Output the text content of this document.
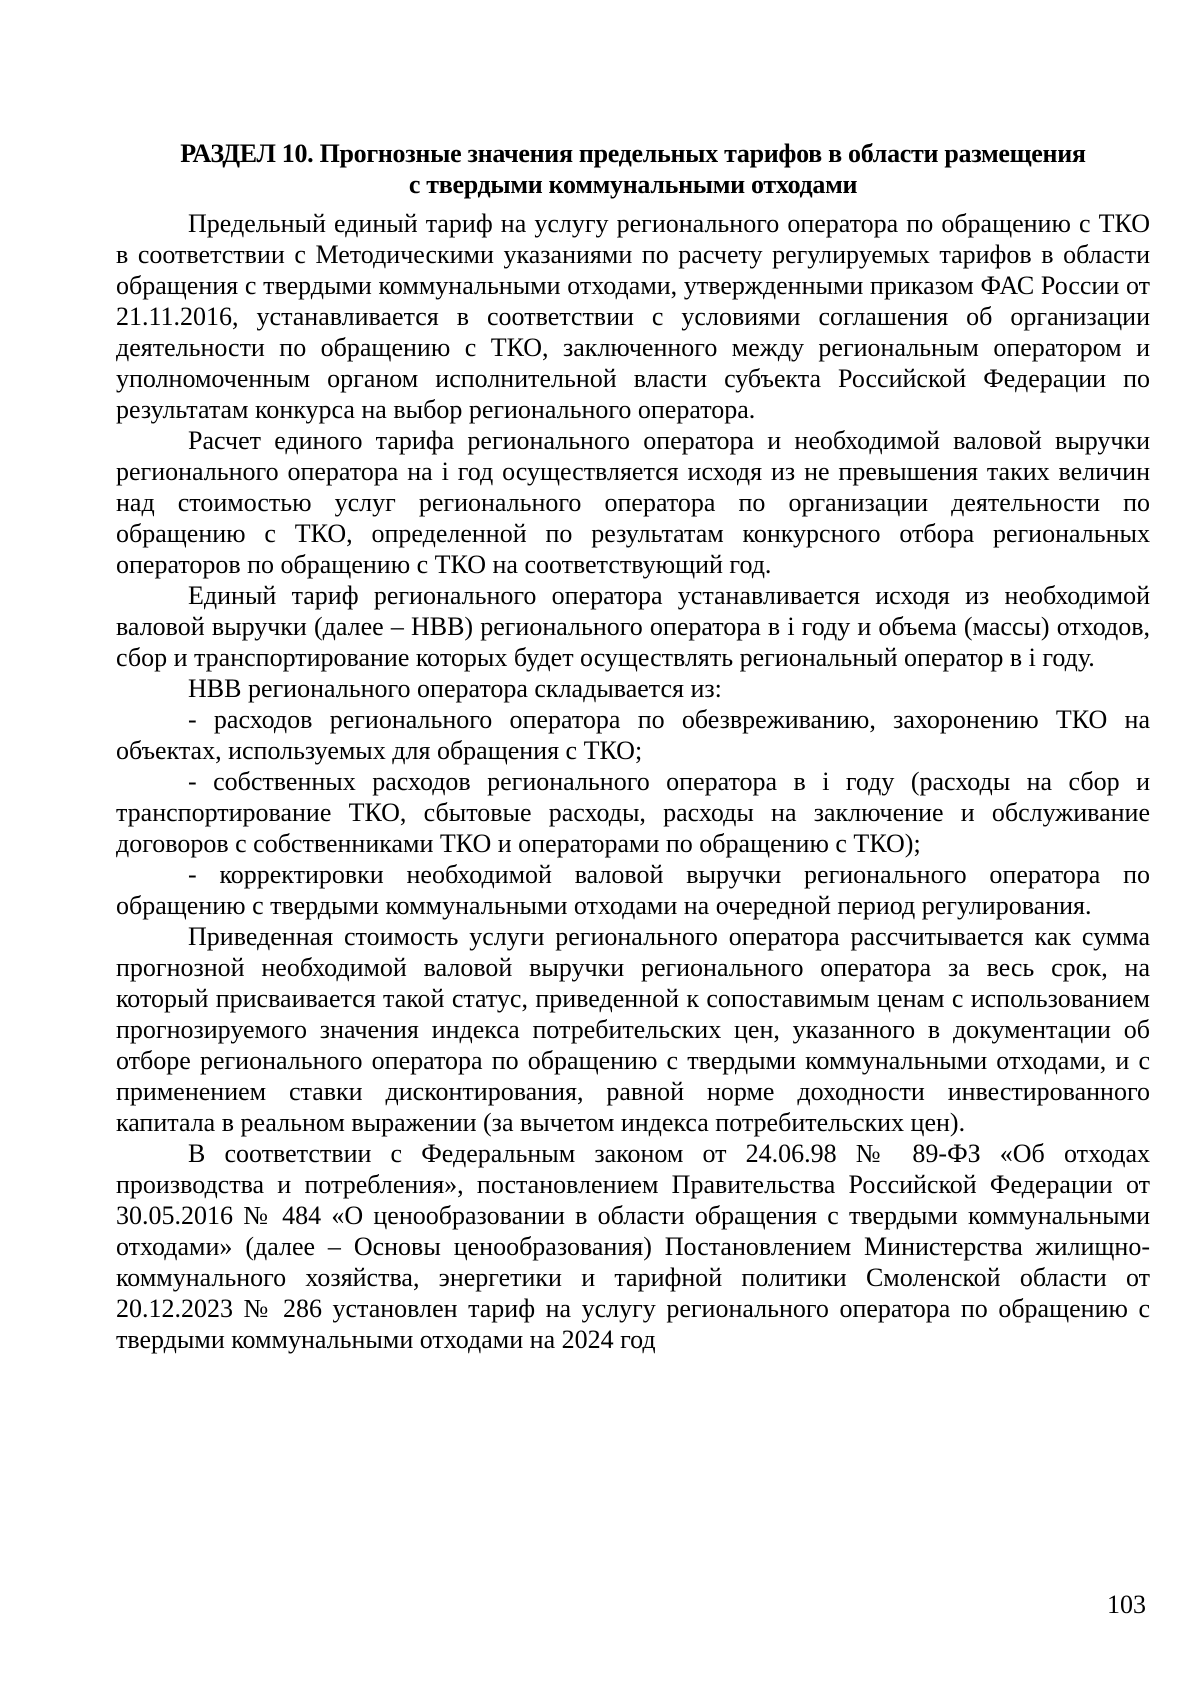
РАЗДЕЛ 10. Прогнозные значения предельных тарифов в области размещения
с твердыми коммунальными отходами

Предельный единый тариф на услугу регионального оператора по обращению с ТКО в соответствии с Методическими указаниями по расчету регулируемых тарифов в области обращения с твердыми коммунальными отходами, утвержденными приказом ФАС России от 21.11.2016, устанавливается в соответствии с условиями соглашения об организации деятельности по обращению с ТКО, заключенного между региональным оператором и уполномоченным органом исполнительной власти субъекта Российской Федерации по результатам конкурса на выбор регионального оператора.

Расчет единого тарифа регионального оператора и необходимой валовой выручки регионального оператора на i год осуществляется исходя из не превышения таких величин над стоимостью услуг регионального оператора по организации деятельности по обращению с ТКО, определенной по результатам конкурсного отбора региональных операторов по обращению с ТКО на соответствующий год.

Единый тариф регионального оператора устанавливается исходя из необходимой валовой выручки (далее – НВВ) регионального оператора в i году и объема (массы) отходов, сбор и транспортирование которых будет осуществлять региональный оператор в i году.

НВВ регионального оператора складывается из:

- расходов регионального оператора по обезвреживанию, захоронению ТКО на объектах, используемых для обращения с ТКО;

- собственных расходов регионального оператора в i году (расходы на сбор и транспортирование ТКО, сбытовые расходы, расходы на заключение и обслуживание договоров с собственниками ТКО и операторами по обращению с ТКО);

- корректировки необходимой валовой выручки регионального оператора по обращению с твердыми коммунальными отходами на очередной период регулирования.

Приведенная стоимость услуги регионального оператора рассчитывается как сумма прогнозной необходимой валовой выручки регионального оператора за весь срок, на который присваивается такой статус, приведенной к сопоставимым ценам с использованием прогнозируемого значения индекса потребительских цен, указанного в документации об отборе регионального оператора по обращению с твердыми коммунальными отходами, и с применением ставки дисконтирования, равной норме доходности инвестированного капитала в реальном выражении (за вычетом индекса потребительских цен).

В соответствии с Федеральным законом от 24.06.98 № 89-ФЗ «Об отходах производства и потребления», постановлением Правительства Российской Федерации от 30.05.2016 № 484 «О ценообразовании в области обращения с твердыми коммунальными отходами» (далее – Основы ценообразования) Постановлением Министерства жилищно-коммунального хозяйства, энергетики и тарифной политики Смоленской области от 20.12.2023 № 286 установлен тариф на услугу регионального оператора по обращению с твердыми коммунальными отходами на 2024 год

103
